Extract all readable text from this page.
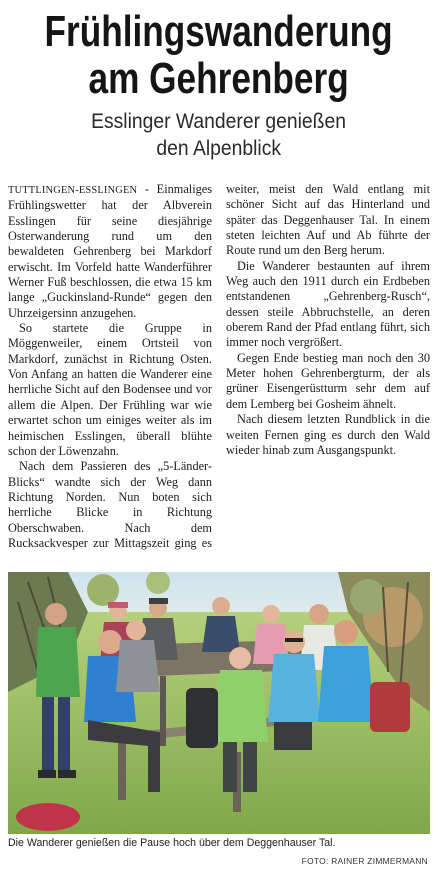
Frühlingswanderung
am Gehrenberg
Esslinger Wanderer genießen
den Alpenblick

TUTTLINGEN-ESSLINGEN - Einmaliges Frühlingswetter hat der Albverein Esslingen für seine diesjährige Osterwanderung rund um den bewaldeten Gehrenberg bei Markdorf erwischt. Im Vorfeld hatte Wanderführer Werner Fuß beschlossen, die etwa 15 km lange „Guckinsland-Runde“ gegen den Uhrzeigersinn anzugehen.

So startete die Gruppe in Möggenweiler, einem Ortsteil von Markdorf, zunächst in Richtung Osten. Von Anfang an hatten die Wanderer eine herrliche Sicht auf den Bodensee und vor allem die Alpen. Der Frühling war wie erwartet schon um einiges weiter als im heimischen Esslingen, überall blühte schon der Löwenzahn.

Nach dem Passieren des „5-Länder-Blicks“ wandte sich der Weg dann Richtung Norden. Nun boten sich herrliche Blicke in Richtung Oberschwaben. Nach dem Rucksackvesper zur Mittagszeit ging es weiter, meist den Wald entlang mit schöner Sicht auf das Hinterland und später das Deggenhauser Tal. In einem steten leichten Auf und Ab führte der Route rund um den Berg herum.

Die Wanderer bestaunten auf ihrem Weg auch den 1911 durch ein Erdbeben entstandenen „Gehrenberg-Rusch“, dessen steile Abbruchstelle, an deren oberem Rand der Pfad entlang führt, sich immer noch vergrößert.

Gegen Ende bestieg man noch den 30 Meter hohen Gehrenbergturm, der als grüner Eisengerüstturm sehr dem auf dem Lemberg bei Gosheim ähnelt.

Nach diesem letzten Rundblick in die weiten Fernen ging es durch den Wald wieder hinab zum Ausgangspunkt.

Die Wanderer genießen die Pause hoch über dem Deggenhauser Tal.
FOTO: RAINER ZIMMERMANN
